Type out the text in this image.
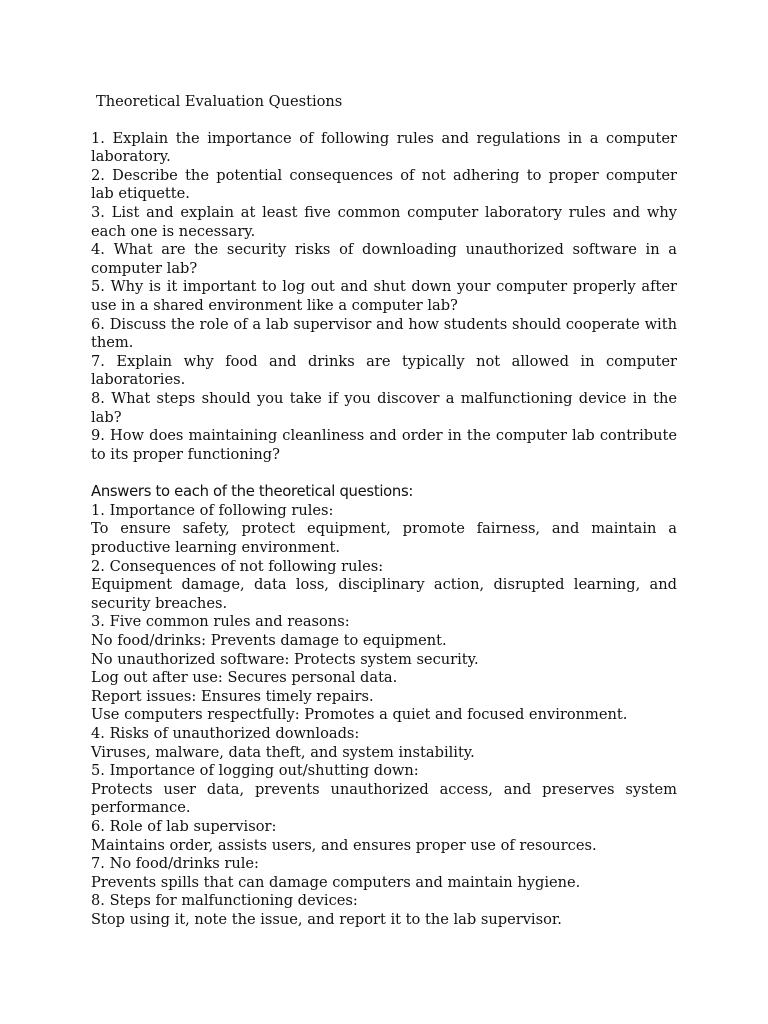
Theoretical Evaluation Questions

1. Explain the importance of following rules and regulations in a computer laboratory.

2. Describe the potential consequences of not adhering to proper computer lab etiquette.

3. List and explain at least five common computer laboratory rules and why each one is necessary.

4. What are the security risks of downloading unauthorized software in a computer lab?

5. Why is it important to log out and shut down your computer properly after use in a shared environment like a computer lab?

6. Discuss the role of a lab supervisor and how students should cooperate with them.

7. Explain why food and drinks are typically not allowed in computer laboratories.

8. What steps should you take if you discover a malfunctioning device in the lab?

9. How does maintaining cleanliness and order in the computer lab contribute to its proper functioning?

Answers to each of the theoretical questions:

1. Importance of following rules:

To ensure safety, protect equipment, promote fairness, and maintain a productive learning environment.

2. Consequences of not following rules:

Equipment damage, data loss, disciplinary action, disrupted learning, and security breaches.

3. Five common rules and reasons:

No food/drinks: Prevents damage to equipment.

No unauthorized software: Protects system security.

Log out after use: Secures personal data.

Report issues: Ensures timely repairs.

Use computers respectfully: Promotes a quiet and focused environment.

4. Risks of unauthorized downloads:

Viruses, malware, data theft, and system instability.

5. Importance of logging out/shutting down:

Protects user data, prevents unauthorized access, and preserves system performance.

6. Role of lab supervisor:

Maintains order, assists users, and ensures proper use of resources.

7. No food/drinks rule:

Prevents spills that can damage computers and maintain hygiene.

8. Steps for malfunctioning devices:

Stop using it, note the issue, and report it to the lab supervisor.
